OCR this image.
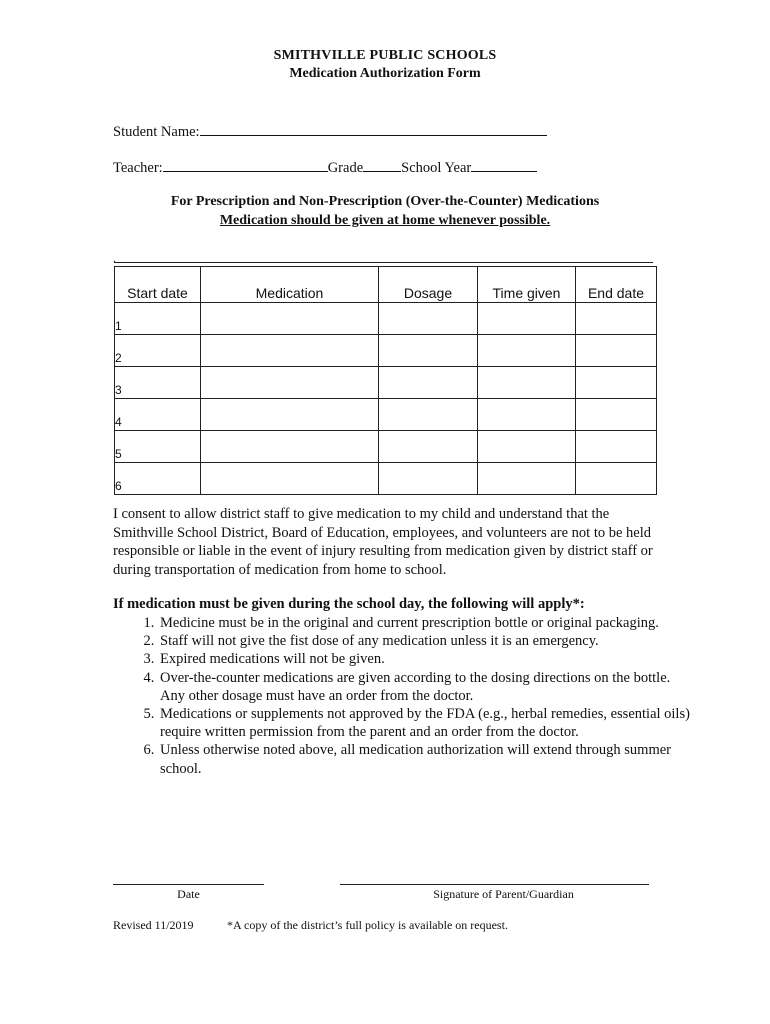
SMITHVILLE PUBLIC SCHOOLS
Medication Authorization Form
Student Name:
Teacher:	Grade	School Year
For Prescription and Non-Prescription (Over-the-Counter) Medications
Medication should be given at home whenever possible.
.
Start date	Medication	Dosage	Time given	End date
1				
2				
3				
4				
5				
6				
I consent to allow district staff to give medication to my child and understand that the Smithville School District, Board of Education, employees, and volunteers are not to be held responsible or liable in the event of injury resulting from medication given by district staff or during transportation of medication from home to school.
If medication must be given during the school day, the following will apply*:
1. Medicine must be in the original and current prescription bottle or original packaging.
2. Staff will not give the fist dose of any medication unless it is an emergency.
3. Expired medications will not be given.
4. Over-the-counter medications are given according to the dosing directions on the bottle. Any other dosage must have an order from the doctor.
5. Medications or supplements not approved by the FDA (e.g., herbal remedies, essential oils) require written permission from the parent and an order from the doctor.
6. Unless otherwise noted above, all medication authorization will extend through summer school.
Date	Signature of Parent/Guardian
Revised 11/2019	*A copy of the district’s full policy is available on request.
